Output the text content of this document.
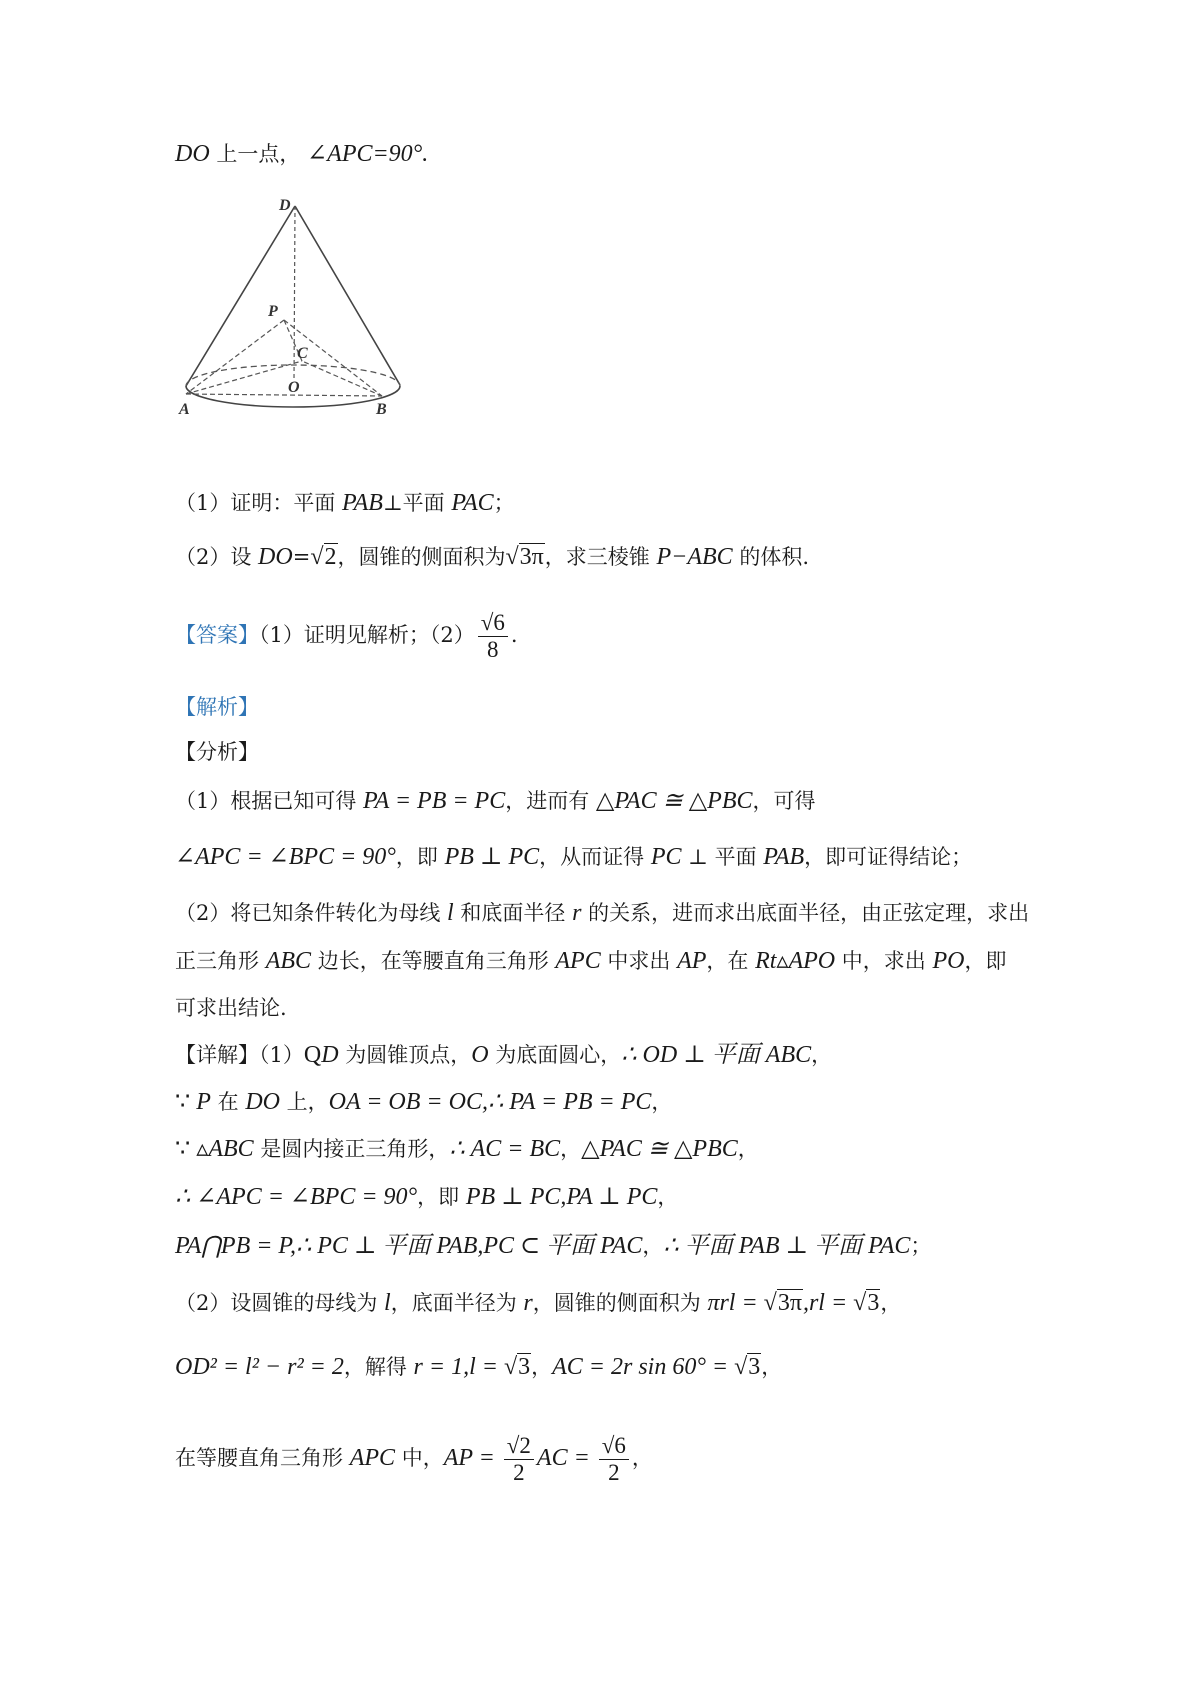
DO 上一点， ∠APC=90°.
D
P
C
O
A	B
（1）证明：平面 PAB⊥平面 PAC；
（2）设 DO=√2，圆锥的侧面积为√3π，求三棱锥 P−ABC 的体积.
【答案】（1）证明见解析；$(2) \frac{√6}{8}$ .
【解析】
【分析】
（1）根据已知可得 PA = PB = PC，进而有 △PAC ≅ △PBC，可得
∠APC = ∠BPC = 90°，即 PB ⊥ PC，从而证得 PC ⊥ 平面 PAB，即可证得结论；
（2）将已知条件转化为母线 l 和底面半径 r 的关系，进而求出底面半径，由正弦定理，求出
正三角形 ABC 边长，在等腰直角三角形 APC 中求出 AP，在 Rt▵APO 中，求出 PO，即
可求出结论.
【详解】（1）QD 为圆锥顶点，O 为底面圆心，∴ OD ⊥ 平面 ABC，
∵ P 在 DO 上，OA = OB = OC,∴ PA = PB = PC，
∵ ▵ABC 是圆内接正三角形，∴ AC = BC，△PAC ≅ △PBC，
∴ ∠APC = ∠BPC = 90°，即 PB ⊥ PC,PA ⊥ PC，
PA⋂PB = P,∴ PC ⊥ 平面 PAB,PC ⊂ 平面 PAC，∴ 平面 PAB ⊥ 平面 PAC；
（2）设圆锥的母线为 l，底面半径为 r，圆锥的侧面积为 πrl = √3π,rl = √3，
OD² = l² − r² = 2，解得 r = 1,l = √3，AC = 2r sin 60° = √3，
在等腰直角三角形 APC 中，AP = $\frac{√2}{2}$ AC = $\frac{√6}{2}$ ，
